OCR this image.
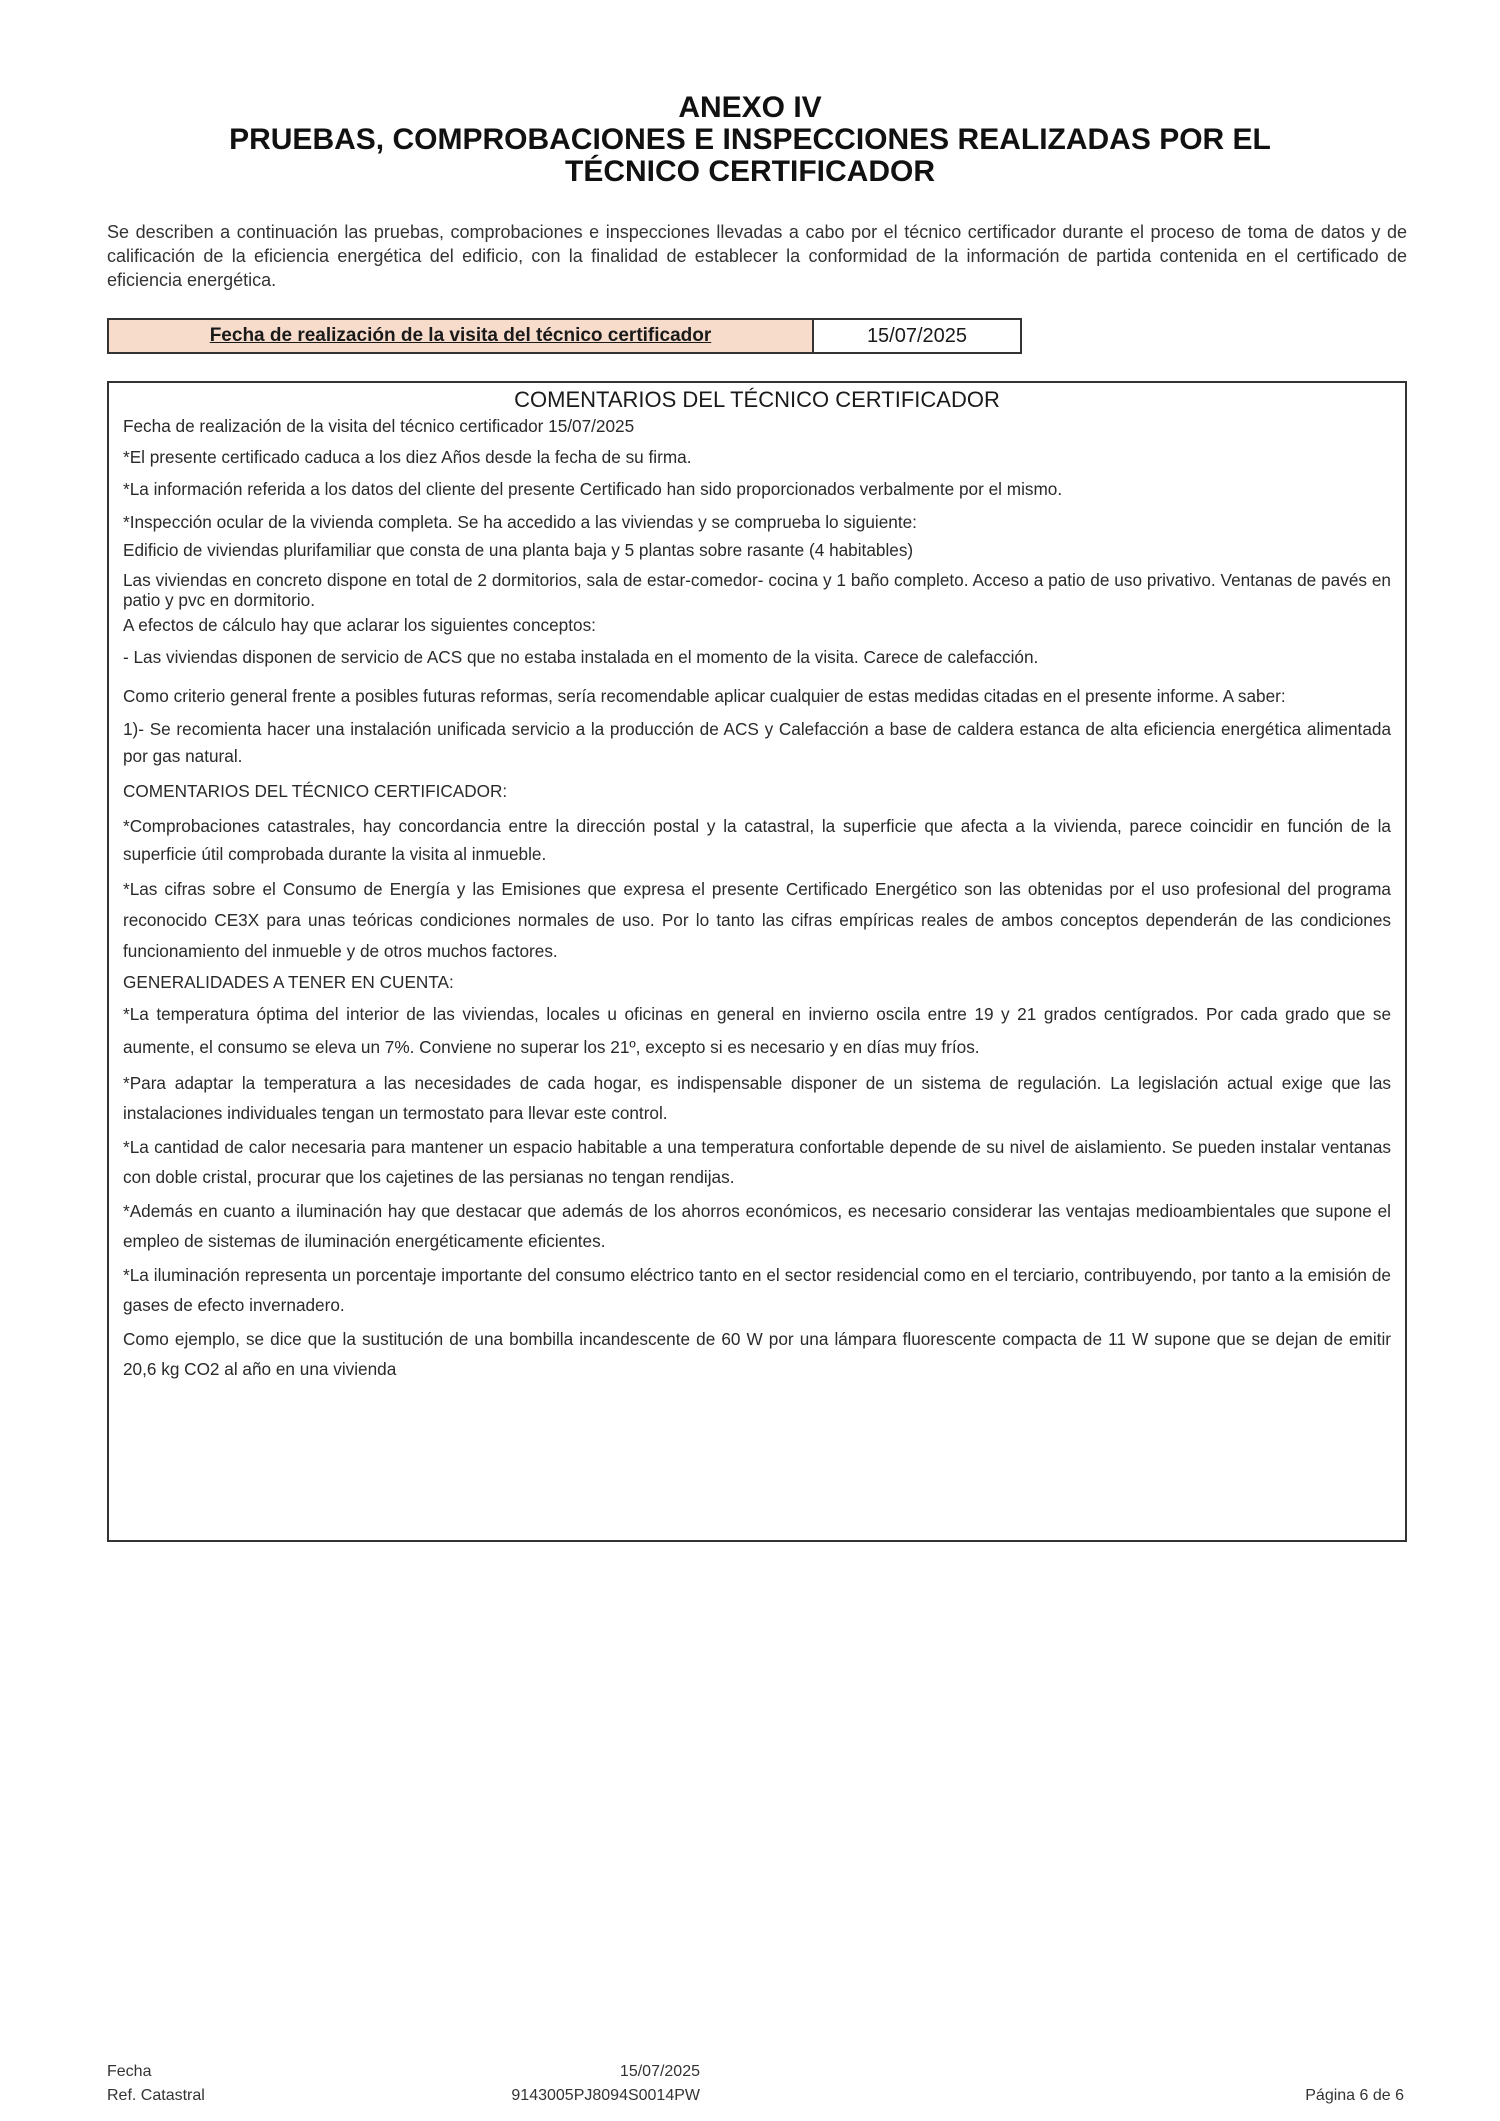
ANEXO IV
PRUEBAS, COMPROBACIONES E INSPECCIONES REALIZADAS POR EL
TÉCNICO CERTIFICADOR
Se describen a continuación las pruebas, comprobaciones e inspecciones llevadas a cabo por el técnico certificador durante el proceso de toma de datos y de calificación de la eficiencia energética del edificio, con la finalidad de establecer la conformidad de la información de partida contenida en el certificado de eficiencia energética.
Fecha de realización de la visita del técnico certificador	15/07/2025
COMENTARIOS DEL TÉCNICO CERTIFICADOR
Fecha de realización de la visita del técnico certificador 15/07/2025
*El presente certificado caduca a los diez Años desde la fecha de su firma.
*La información referida a los datos del cliente del presente Certificado han sido proporcionados verbalmente por el mismo.
*Inspección ocular de la vivienda completa. Se ha accedido a las viviendas y se comprueba lo siguiente:
Edificio de viviendas plurifamiliar que consta de una planta baja y 5 plantas sobre rasante (4 habitables)
Las viviendas en concreto dispone en total de 2 dormitorios, sala de estar-comedor- cocina y 1 baño completo. Acceso a patio de uso privativo. Ventanas de pavés en patio y pvc en dormitorio.
A efectos de cálculo hay que aclarar los siguientes conceptos:
- Las viviendas disponen de servicio de ACS que no estaba instalada en el momento de la visita. Carece de calefacción.
Como criterio general frente a posibles futuras reformas, sería recomendable aplicar cualquier de estas medidas citadas en el presente informe. A saber:
1)- Se recomienta hacer una instalación unificada servicio a la producción de ACS y Calefacción a base de caldera estanca de alta eficiencia energética alimentada por gas natural.
COMENTARIOS DEL TÉCNICO CERTIFICADOR:
*Comprobaciones catastrales, hay concordancia entre la dirección postal y la catastral, la superficie que afecta a la vivienda, parece coincidir en función de la superficie útil comprobada durante la visita al inmueble.
*Las cifras sobre el Consumo de Energía y las Emisiones que expresa el presente Certificado Energético son las obtenidas por el uso profesional del programa reconocido CE3X para unas teóricas condiciones normales de uso. Por lo tanto las cifras empíricas reales de ambos conceptos dependerán de las condiciones funcionamiento del inmueble y de otros muchos factores.
GENERALIDADES A TENER EN CUENTA:
*La temperatura óptima del interior de las viviendas, locales u oficinas en general en invierno oscila entre 19 y 21 grados centígrados. Por cada grado que se aumente, el consumo se eleva un 7%. Conviene no superar los 21º, excepto si es necesario y en días muy fríos.
*Para adaptar la temperatura a las necesidades de cada hogar, es indispensable disponer de un sistema de regulación. La legislación actual exige que las instalaciones individuales tengan un termostato para llevar este control.
*La cantidad de calor necesaria para mantener un espacio habitable a una temperatura confortable depende de su nivel de aislamiento. Se pueden instalar ventanas con doble cristal, procurar que los cajetines de las persianas no tengan rendijas.
*Además en cuanto a iluminación hay que destacar que además de los ahorros económicos, es necesario considerar las ventajas medioambientales que supone el empleo de sistemas de iluminación energéticamente eficientes.
*La iluminación representa un porcentaje importante del consumo eléctrico tanto en el sector residencial como en el terciario, contribuyendo, por tanto a la emisión de gases de efecto invernadero.
Como ejemplo, se dice que la sustitución de una bombilla incandescente de 60 W por una lámpara fluorescente compacta de 11 W supone que se dejan de emitir 20,6 kg CO2 al año en una vivienda
Fecha
Ref. Catastral
15/07/2025
9143005PJ8094S0014PW	Página 6 de 6
